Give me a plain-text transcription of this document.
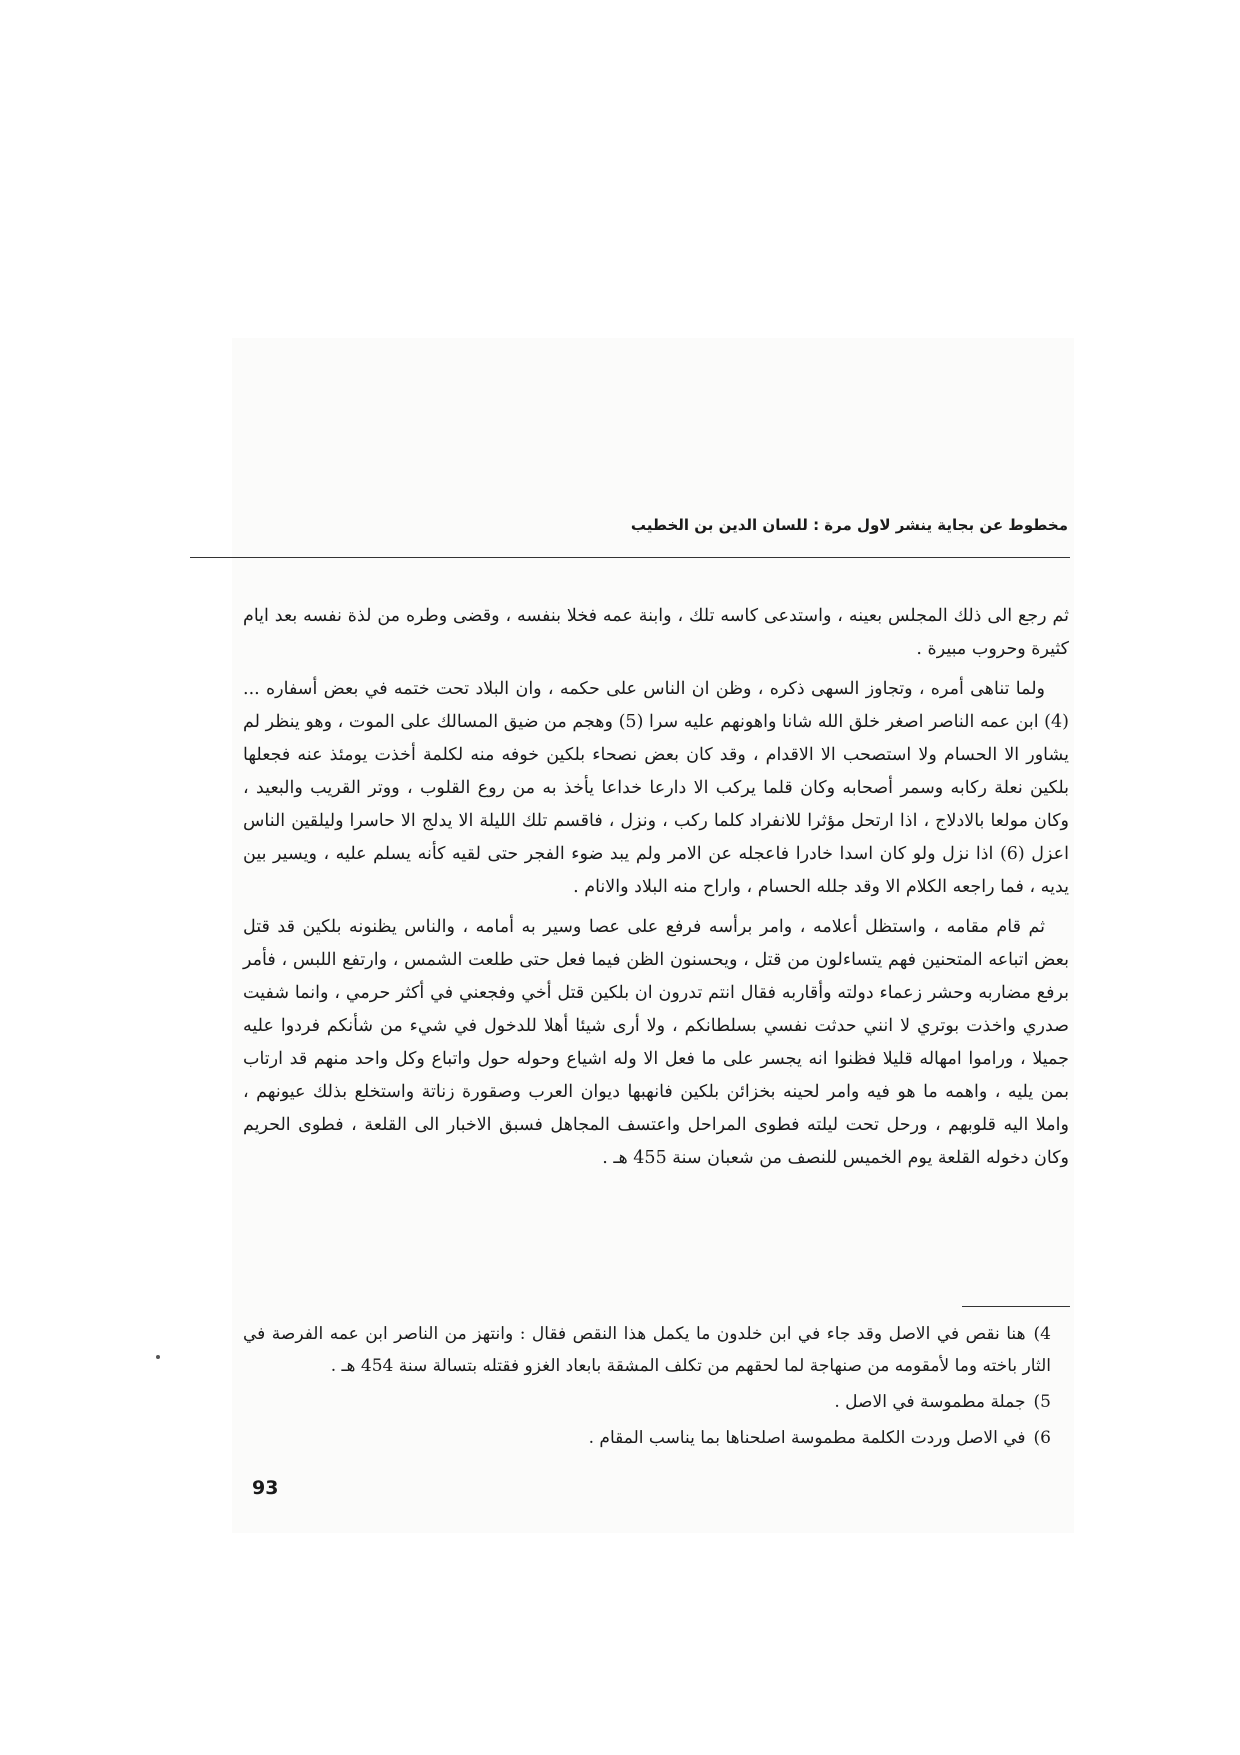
مخطوط عن بجاية ينشر لاول مرة : للسان الدين بن الخطيب

ثم رجع الى ذلك المجلس بعينه ، واستدعى كاسه تلك ، وابنة عمه فخلا بنفسه ، وقضى وطره من لذة نفسه بعد ايام كثيرة وحروب مبيرة .

ولما تناهى أمره ، وتجاوز السهى ذكره ، وظن ان الناس على حكمه ، وان البلاد تحت ختمه في بعض أسفاره ... (4) ابن عمه الناصر اصغر خلق الله شانا واهونهم عليه سرا (5) وهجم من ضيق المسالك على الموت ، وهو ينظر لم يشاور الا الحسام ولا استصحب الا الاقدام ، وقد كان بعض نصحاء بلكين خوفه منه لكلمة أخذت يومئذ عنه فجعلها بلكين نعلة ركابه وسمر أصحابه وكان قلما يركب الا دارعا خداعا يأخذ به من روع القلوب ، ووتر القريب والبعيد ، وكان مولعا بالادلاج ، اذا ارتحل مؤثرا للانفراد كلما ركب ، ونزل ، فاقسم تلك الليلة الا يدلج الا حاسرا وليلقين الناس اعزل (6) اذا نزل ولو كان اسدا خادرا فاعجله عن الامر ولم يبد ضوء الفجر حتى لقيه كأنه يسلم عليه ، ويسير بين يديه ، فما راجعه الكلام الا وقد جلله الحسام ، واراح منه البلاد والانام .

ثم قام مقامه ، واستظل أعلامه ، وامر برأسه فرفع على عصا وسير به أمامه ، والناس يظنونه بلكين قد قتل بعض اتباعه المتحنين فهم يتساءلون من قتل ، ويحسنون الظن فيما فعل حتى طلعت الشمس ، وارتفع اللبس ، فأمر برفع مضاربه وحشر زعماء دولته وأقاربه فقال انتم تدرون ان بلكين قتل أخي وفجعني في أكثر حرمي ، وانما شفيت صدري واخذت بوتري لا انني حدثت نفسي بسلطانكم ، ولا أرى شيئا أهلا للدخول في شيء من شأنكم فردوا عليه جميلا ، وراموا امهاله قليلا فظنوا انه يجسر على ما فعل الا وله اشياع وحوله حول واتباع وكل واحد منهم قد ارتاب بمن يليه ، واهمه ما هو فيه وامر لحينه بخزائن بلكين فانهبها ديوان العرب وصقورة زناتة واستخلع بذلك عيونهم ، واملا اليه قلوبهم ، ورحل تحت ليلته فطوى المراحل واعتسف المجاهل فسبق الاخبار الى القلعة ، فطوى الحريم وكان دخوله القلعة يوم الخميس للنصف من شعبان سنة 455 هـ .

4)هنا نقص في الاصل وقد جاء في ابن خلدون ما يكمل هذا النقص فقال : وانتهز من الناصر ابن عمه الفرصة في الثار باخته وما لأمقومه من صنهاجة لما لحقهم من تكلف المشقة بابعاد الغزو فقتله بتسالة سنة 454 هـ .
5)جملة مطموسة في الاصل .
6)في الاصل وردت الكلمة مطموسة اصلحناها بما يناسب المقام .
93
